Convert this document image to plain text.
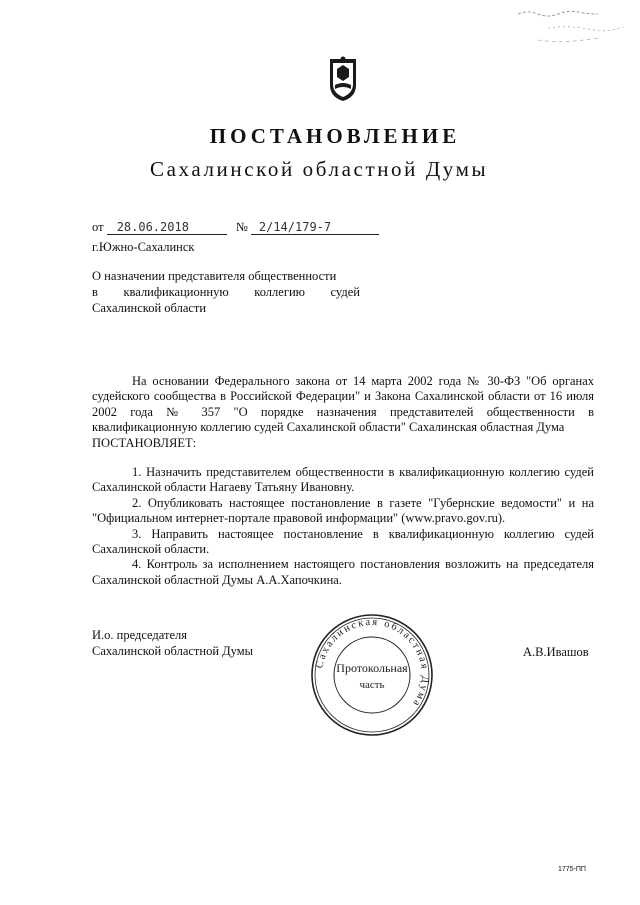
ПОСТАНОВЛЕНИЕ
Сахалинской областной Думы
от 28.06.2018	№ 2/14/179-7
г.Южно-Сахалинск
О назначении представителя общественности
в квалификационную коллегию судей
Сахалинской области

На основании Федерального закона от 14 марта 2002 года № 30-ФЗ "Об органах судейского сообщества в Российской Федерации" и Закона Сахалинской области от 16 июля 2002 года № 357 "О порядке назначения представителей общественности в квалификационную коллегию судей Сахалинской области" Сахалинская областная Дума

ПОСТАНОВЛЯЕТ:

1. Назначить представителем общественности в квалификационную коллегию судей Сахалинской области Нагаеву Татьяну Ивановну.

2. Опубликовать настоящее постановление в газете "Губернские ведомости" и на "Официальном интернет-портале правовой информации" (www.pravo.gov.ru).

3. Направить настоящее постановление в квалификационную коллегию судей Сахалинской области.

4. Контроль за исполнением настоящего постановления возложить на председателя Сахалинской областной Думы А.А.Хапочкина.

И.о. председателя
Сахалинской областной Думы	А.В.Ивашов
Сахалинская областная Дума
Протокольная
часть
1775-ПП
